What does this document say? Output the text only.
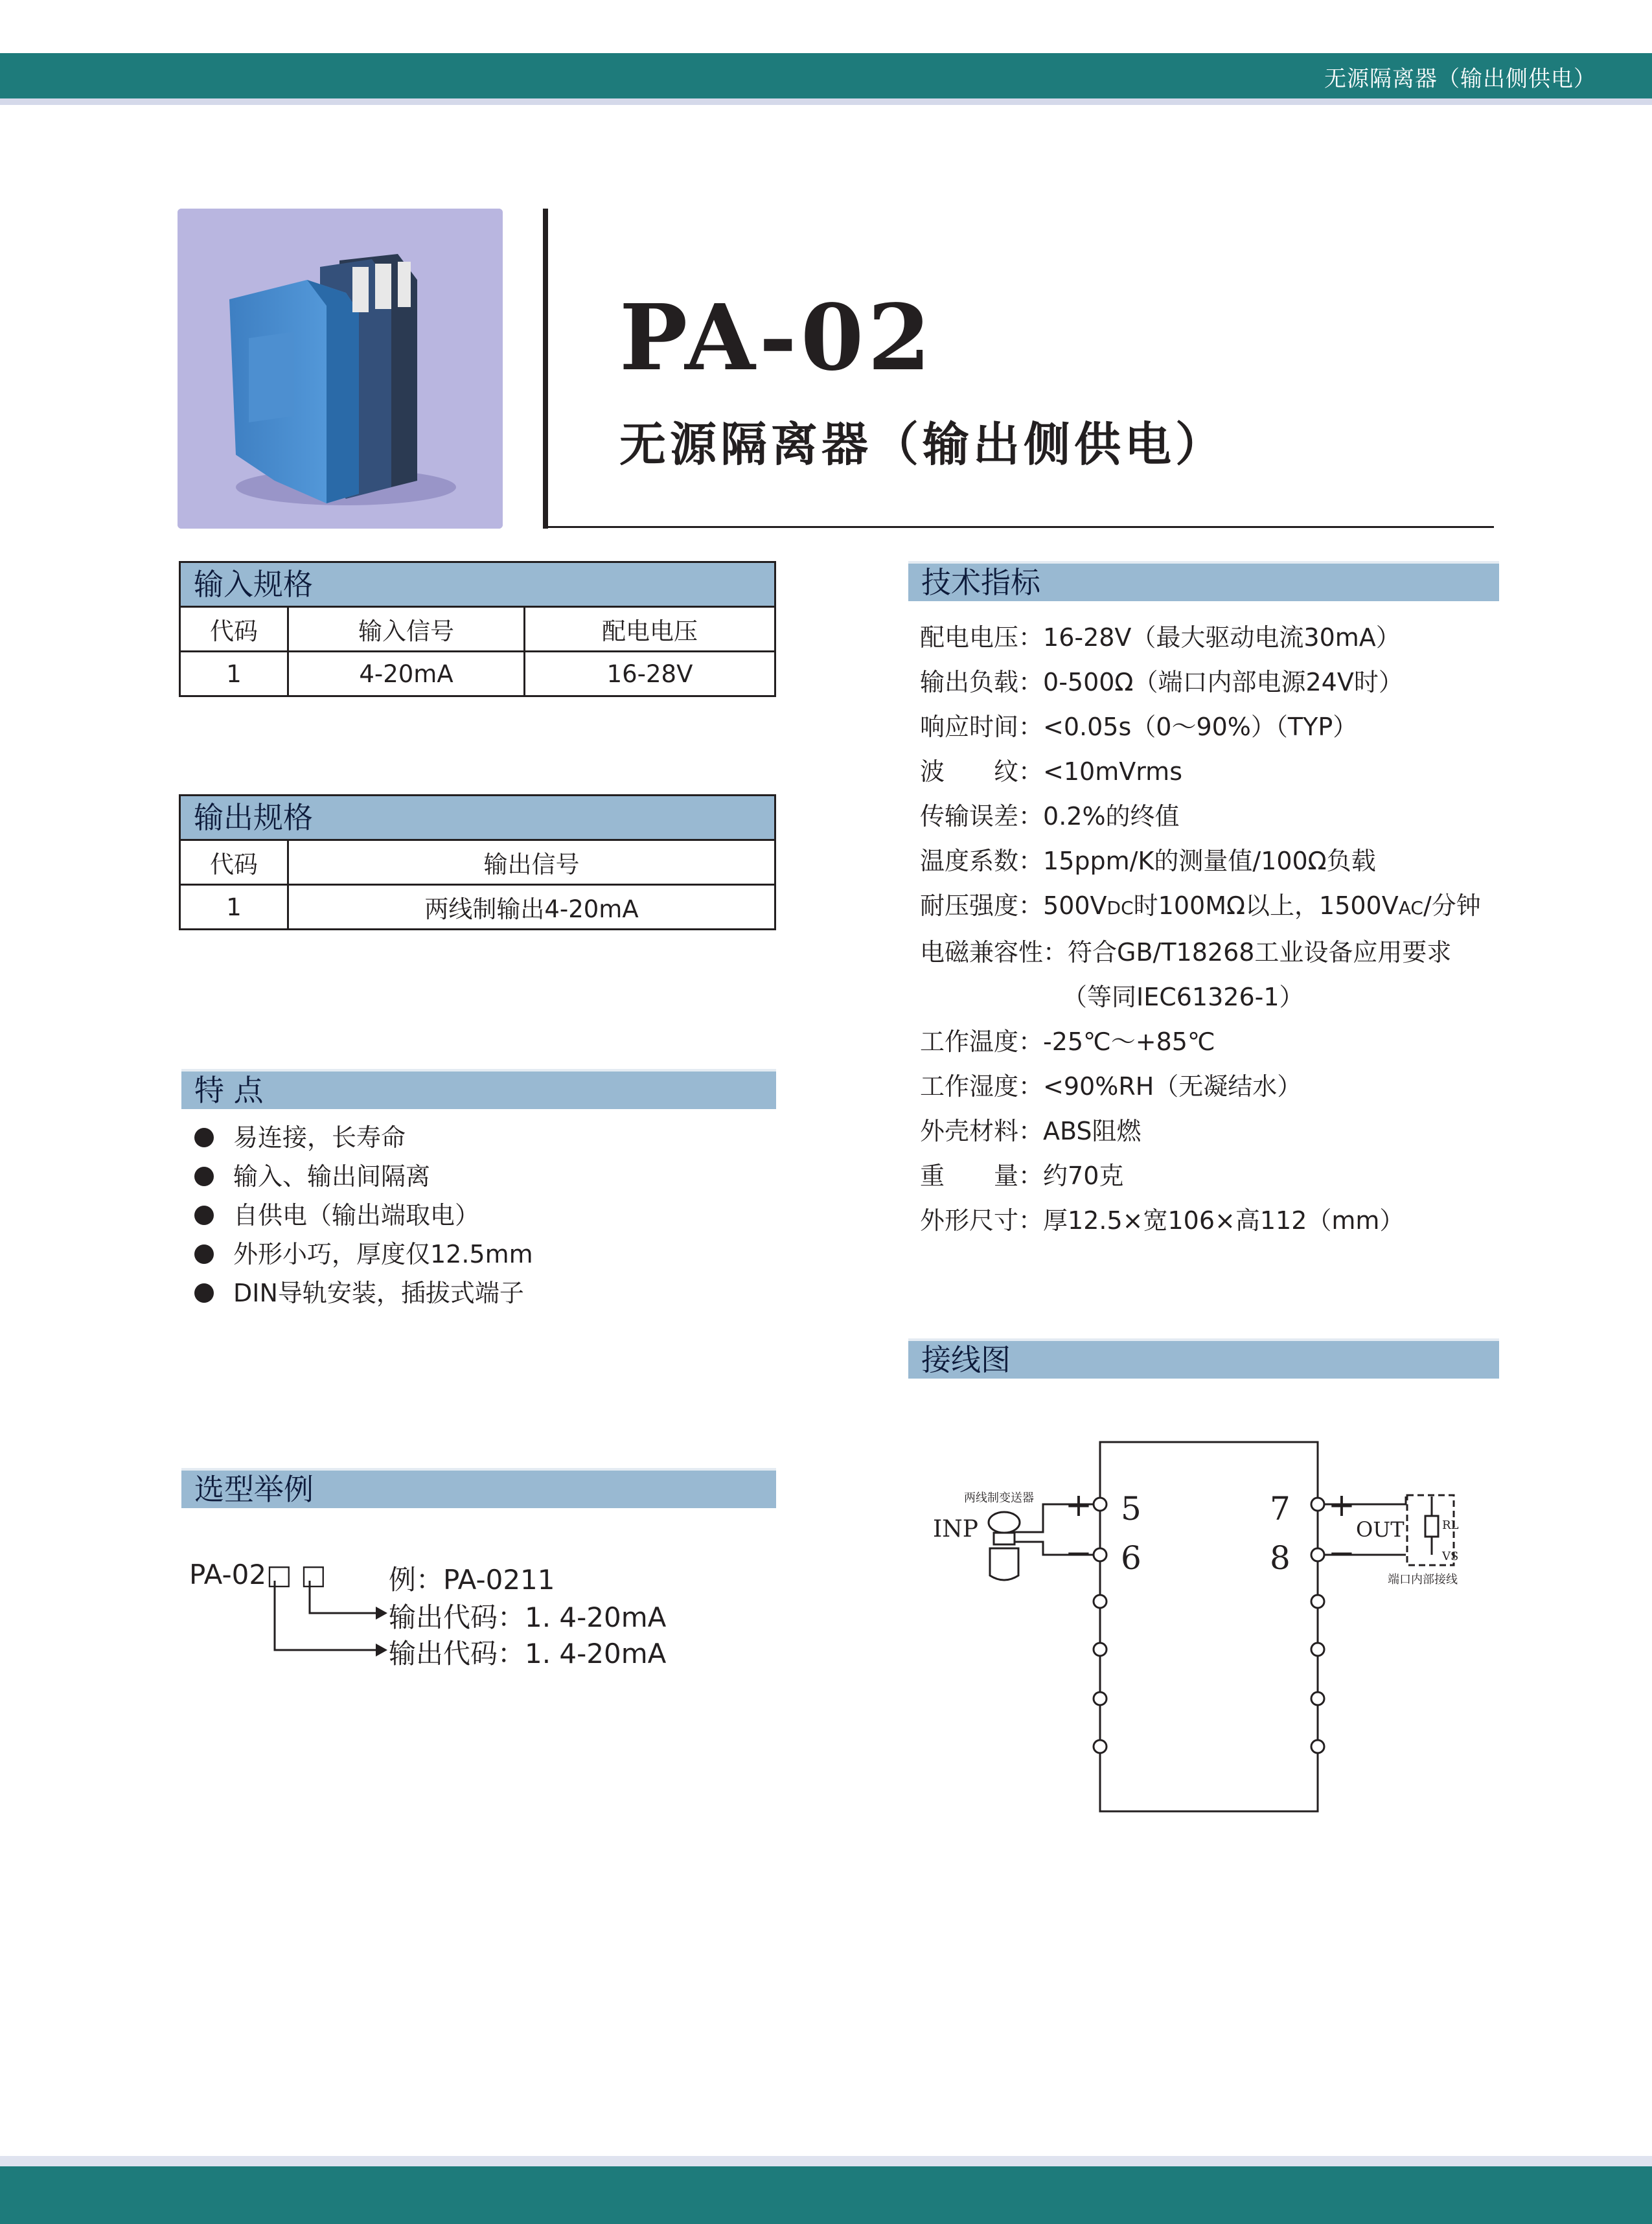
无源隔离器（输出侧供电）
PA-02
无源隔离器（输出侧供电）
输入规格
代码	输入信号	配电电压
1	4-20mA	16-28V
输出规格
代码	输出信号
1	两线制输出4-20mA
特 点
易连接，长寿命
输入、输出间隔离
自供电（输出端取电）
外形小巧，厚度仅12.5mm
DIN导轨安装，插拔式端子
选型举例
PA-02□ □ 例：PA-0211
输出代码：1. 4-20mA
输出代码：1. 4-20mA
技术指标
配电电压： 16-28V（最大驱动电流30mA）
输出负载： 0-500Ω（端口内部电源24V时）
响应时间： <0.05s（0～90%）（TYP）
波　　纹： <10mVrms
传输误差： 0.2%的终值
温度系数： 15ppm/K的测量值/100Ω负载
耐压强度： 500VDC时100MΩ以上，1500VAC/分钟
电磁兼容性： 符合GB/T18268工业设备应用要求
（等同IEC61326-1）
工作温度： -25℃～+85℃
工作湿度： <90%RH（无凝结水）
外壳材料： ABS阻燃
重　　量： 约70克
外形尺寸： 厚12.5×宽106×高112（mm）
接线图
5
6
7
8
+
−
两线制变送器
INP
+
−
OUT	RL
VS
端口内部接线
